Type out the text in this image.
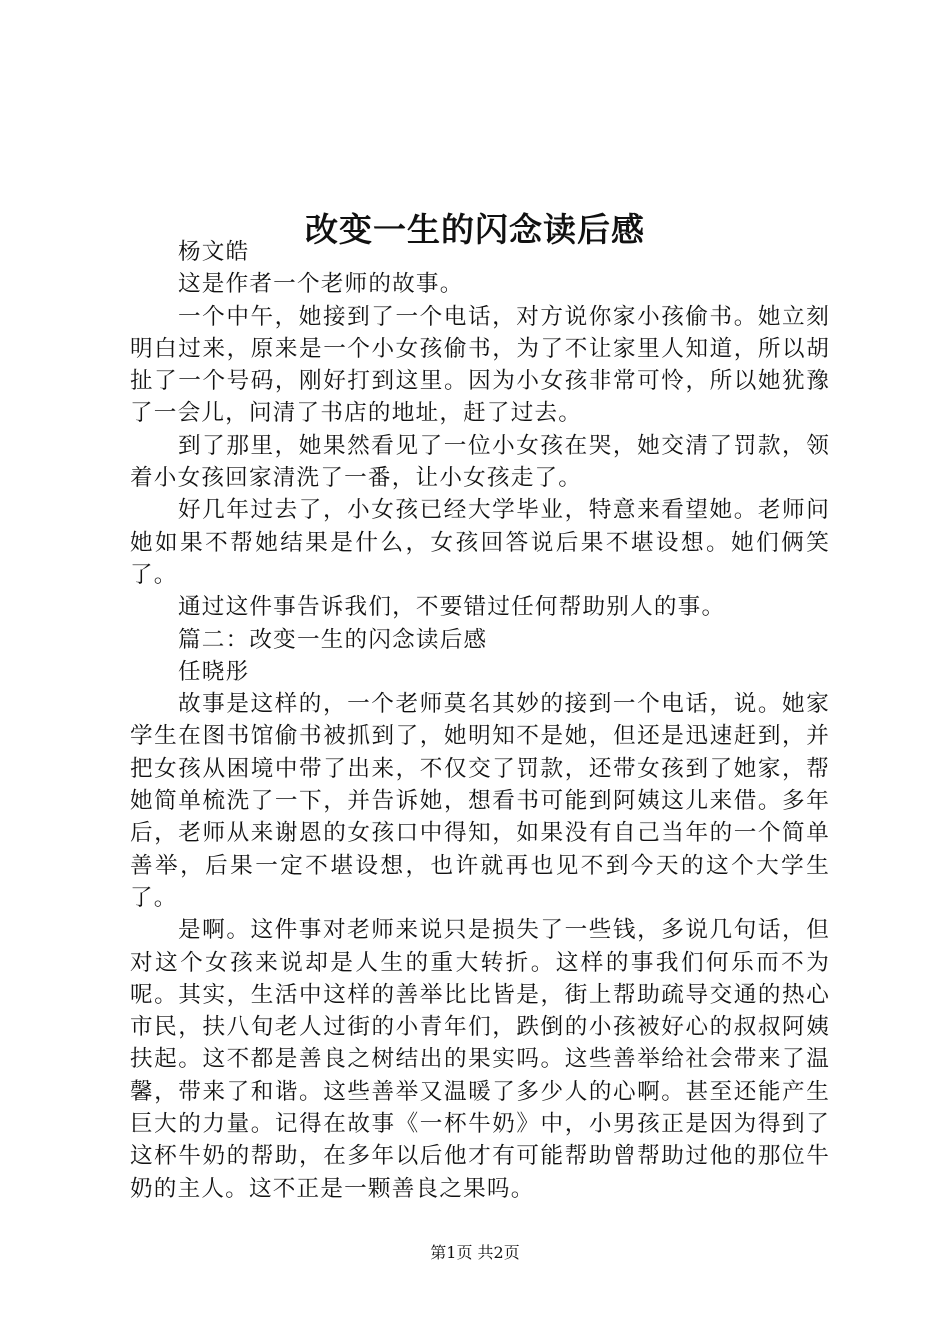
改变一生的闪念读后感

杨文皓

这是作者一个老师的故事。

一个中午，她接到了一个电话，对方说你家小孩偷书。她立刻明白过来，原来是一个小女孩偷书，为了不让家里人知道，所以胡扯了一个号码，刚好打到这里。因为小女孩非常可怜，所以她犹豫了一会儿，问清了书店的地址，赶了过去。

到了那里，她果然看见了一位小女孩在哭，她交清了罚款，领着小女孩回家清洗了一番，让小女孩走了。

好几年过去了，小女孩已经大学毕业，特意来看望她。老师问她如果不帮她结果是什么，女孩回答说后果不堪设想。她们俩笑了。

通过这件事告诉我们，不要错过任何帮助别人的事。

篇二：改变一生的闪念读后感

任晓彤

故事是这样的，一个老师莫名其妙的接到一个电话，说。她家学生在图书馆偷书被抓到了，她明知不是她，但还是迅速赶到，并把女孩从困境中带了出来，不仅交了罚款，还带女孩到了她家，帮她简单梳洗了一下，并告诉她，想看书可能到阿姨这儿来借。多年后，老师从来谢恩的女孩口中得知，如果没有自己当年的一个简单善举，后果一定不堪设想，也许就再也见不到今天的这个大学生了。

是啊。这件事对老师来说只是损失了一些钱，多说几句话，但对这个女孩来说却是人生的重大转折。这样的事我们何乐而不为呢。其实，生活中这样的善举比比皆是，街上帮助疏导交通的热心市民，扶八旬老人过街的小青年们，跌倒的小孩被好心的叔叔阿姨扶起。这不都是善良之树结出的果实吗。这些善举给社会带来了温馨，带来了和谐。这些善举又温暖了多少人的心啊。甚至还能产生巨大的力量。记得在故事《一杯牛奶》中，小男孩正是因为得到了这杯牛奶的帮助，在多年以后他才有可能帮助曾帮助过他的那位牛奶的主人。这不正是一颗善良之果吗。

第1页 共2页
